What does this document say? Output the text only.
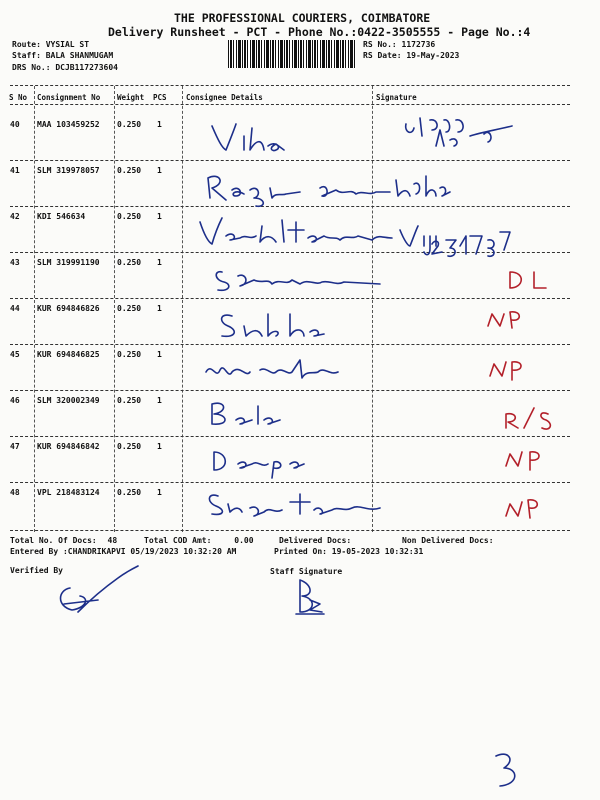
THE PROFESSIONAL COURIERS, COIMBATORE
Delivery Runsheet - PCT - Phone No.:0422-3505555 - Page No.:4
Route: VYSIAL ST
Staff: BALA SHANMUGAM
DRS No.: DCJB117273604
RS No.: 1172736
RS Date: 19-May-2023
S No Consignment No Weight PCS	Consignee Details	Signature
40 MAA 103459252 0.250 1
41 SLM 319978057 0.250 1
42 KDI 546634	0.250 1
43 SLM 319991190 0.250 1
44 KUR 694846826 0.250 1
45 KUR 694846825 0.250 1
46 SLM 320002349 0.250 1
47 KUR 694846842 0.250 1
48 VPL 218483124 0.250 1
Total No. Of Docs: 48	Total COD Amt:	0.00	Delivered Docs:	Non Delivered Docs:
Entered By :CHANDRIKAPVI 05/19/2023 10:32:20 AM	Printed On: 19-05-2023 10:32:31
Verified By	Staff Signature
